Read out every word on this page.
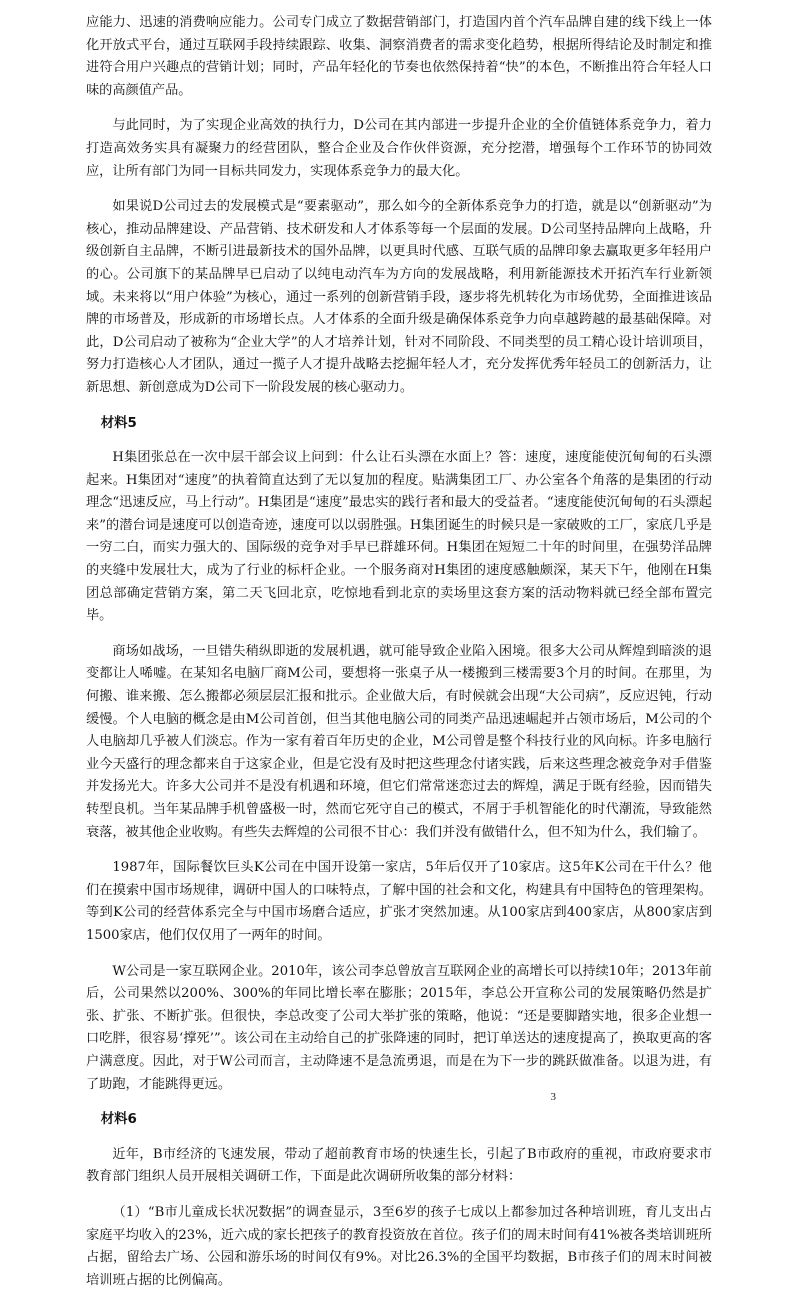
应能力、迅速的消费响应能力。公司专门成立了数据营销部门，打造国内首个汽车品牌自建的线下线上一体化开放式平台，通过互联网手段持续跟踪、收集、洞察消费者的需求变化趋势，根据所得结论及时制定和推进符合用户兴趣点的营销计划；同时，产品年轻化的节奏也依然保持着“快”的本色，不断推出符合年轻人口味的高颜值产品。

与此同时，为了实现企业高效的执行力，D公司在其内部进一步提升企业的全价值链体系竞争力，着力打造高效务实具有凝聚力的经营团队，整合企业及合作伙伴资源，充分挖潜，增强每个工作环节的协同效应，让所有部门为同一目标共同发力，实现体系竞争力的最大化。

如果说D公司过去的发展模式是“要素驱动”，那么如今的全新体系竞争力的打造，就是以“创新驱动”为核心，推动品牌建设、产品营销、技术研发和人才体系等每一个层面的发展。D公司坚持品牌向上战略，升级创新自主品牌，不断引进最新技术的国外品牌，以更具时代感、互联气质的品牌印象去赢取更多年轻用户的心。公司旗下的某品牌早已启动了以纯电动汽车为方向的发展战略，利用新能源技术开拓汽车行业新领域。未来将以“用户体验”为核心，通过一系列的创新营销手段，逐步将先机转化为市场优势，全面推进该品牌的市场普及，形成新的市场增长点。人才体系的全面升级是确保体系竞争力向卓越跨越的最基础保障。对此，D公司启动了被称为“企业大学”的人才培养计划，针对不同阶段、不同类型的员工精心设计培训项目，努力打造核心人才团队，通过一揽子人才提升战略去挖掘年轻人才，充分发挥优秀年轻员工的创新活力，让新思想、新创意成为D公司下一阶段发展的核心驱动力。

材料5

H集团张总在一次中层干部会议上问到：什么让石头漂在水面上？答：速度，速度能使沉甸甸的石头漂起来。H集团对“速度”的执着简直达到了无以复加的程度。贴满集团工厂、办公室各个角落的是集团的行动理念“迅速反应，马上行动”。H集团是“速度”最忠实的践行者和最大的受益者。“速度能使沉甸甸的石头漂起来”的潜台词是速度可以创造奇迹，速度可以以弱胜强。H集团诞生的时候只是一家破败的工厂，家底几乎是一穷二白，而实力强大的、国际级的竞争对手早已群雄环伺。H集团在短短二十年的时间里，在强势洋品牌的夹缝中发展壮大，成为了行业的标杆企业。一个服务商对H集团的速度感触颇深，某天下午，他刚在H集团总部确定营销方案，第二天飞回北京，吃惊地看到北京的卖场里这套方案的活动物料就已经全部布置完毕。

商场如战场，一旦错失稍纵即逝的发展机遇，就可能导致企业陷入困境。很多大公司从辉煌到暗淡的退变都让人唏嘘。在某知名电脑厂商M公司，要想将一张桌子从一楼搬到三楼需要3个月的时间。在那里，为何搬、谁来搬、怎么搬都必须层层汇报和批示。企业做大后，有时候就会出现“大公司病”，反应迟钝，行动缓慢。个人电脑的概念是由M公司首创，但当其他电脑公司的同类产品迅速崛起并占领市场后，M公司的个人电脑却几乎被人们淡忘。作为一家有着百年历史的企业，M公司曾是整个科技行业的风向标。许多电脑行业今天盛行的理念都来自于这家企业，但是它没有及时把这些理念付诸实践，后来这些理念被竞争对手借鉴并发扬光大。许多大公司并不是没有机遇和环境，但它们常常迷恋过去的辉煌，满足于既有经验，因而错失转型良机。当年某品牌手机曾盛极一时，然而它死守自己的模式，不屑于手机智能化的时代潮流，导致能然衰落，被其他企业收购。有些失去辉煌的公司很不甘心：我们并没有做错什么，但不知为什么，我们输了。

1987年，国际餐饮巨头K公司在中国开设第一家店，5年后仅开了10家店。这5年K公司在干什么？他们在摸索中国市场规律，调研中国人的口味特点，了解中国的社会和文化，构建具有中国特色的管理架构。等到K公司的经营体系完全与中国市场磨合适应，扩张才突然加速。从100家店到400家店，从800家店到1500家店，他们仅仅用了一两年的时间。

W公司是一家互联网企业。2010年，该公司李总曾放言互联网企业的高增长可以持续10年；2013年前后，公司果然以200%、300%的年同比增长率在膨胀；2015年，李总公开宣称公司的发展策略仍然是扩张、扩张、不断扩张。但很快，李总改变了公司大举扩张的策略，他说：“还是要脚踏实地，很多企业想一口吃胖，很容易‘撑死’”。该公司在主动给自己的扩张降速的同时，把订单送达的速度提高了，换取更高的客户满意度。因此，对于W公司而言，主动降速不是急流勇退，而是在为下一步的跳跃做准备。以退为进，有了助跑，才能跳得更远。

材料6

近年，B市经济的飞速发展，带动了超前教育市场的快速生长，引起了B市政府的重视，市政府要求市教育部门组织人员开展相关调研工作，下面是此次调研所收集的部分材料：

（1）“B市儿童成长状况数据”的调查显示，3至6岁的孩子七成以上都参加过各种培训班，育儿支出占家庭平均收入的23%，近六成的家长把孩子的教育投资放在首位。孩子们的周末时间有41%被各类培训班所占据，留给去广场、公园和游乐场的时间仅有9%。对比26.3%的全国平均数据，B市孩子们的周末时间被培训班占据的比例偏高。

3
